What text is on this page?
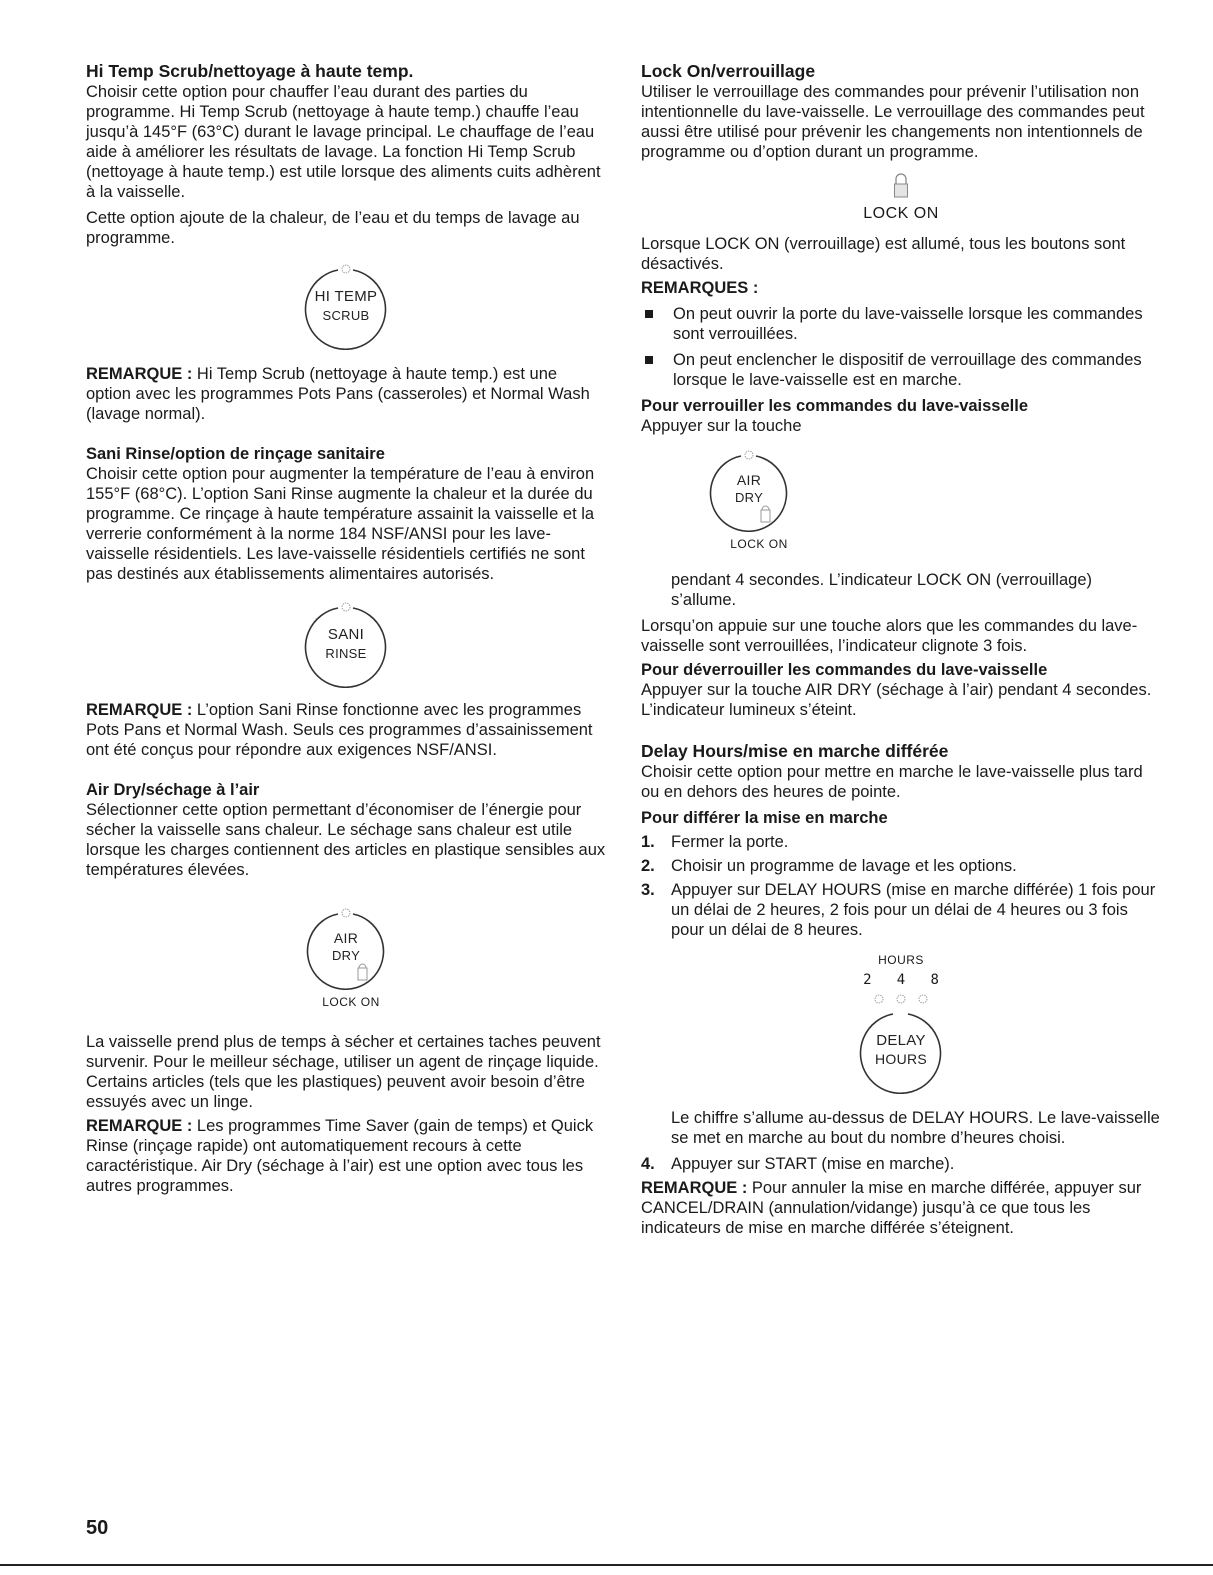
Hi Temp Scrub/nettoyage à haute temp.

Choisir cette option pour chauffer l’eau durant des parties du programme. Hi Temp Scrub (nettoyage à haute temp.) chauffe l’eau jusqu’à 145°F (63°C) durant le lavage principal. Le chauffage de l’eau aide à améliorer les résultats de lavage. La fonction Hi Temp Scrub (nettoyage à haute temp.) est utile lorsque des aliments cuits adhèrent à la vaisselle.

Cette option ajoute de la chaleur, de l’eau et du temps de lavage au programme.

HI TEMP
SCRUB

REMARQUE : Hi Temp Scrub (nettoyage à haute temp.) est une option avec les programmes Pots Pans (casseroles) et Normal Wash (lavage normal).

Sani Rinse/option de rinçage sanitaire

Choisir cette option pour augmenter la température de l’eau à environ 155°F (68°C). L’option Sani Rinse augmente la chaleur et la durée du programme. Ce rinçage à haute température assainit la vaisselle et la verrerie conformément à la norme 184 NSF/ANSI pour les lave-vaisselle résidentiels. Les lave-vaisselle résidentiels certifiés ne sont pas destinés aux établissements alimentaires autorisés.

SANI
RINSE

REMARQUE : L’option Sani Rinse fonctionne avec les programmes Pots Pans et Normal Wash. Seuls ces programmes d’assainissement ont été conçus pour répondre aux exigences NSF/ANSI.

Air Dry/séchage à l’air

Sélectionner cette option permettant d’économiser de l’énergie pour sécher la vaisselle sans chaleur. Le séchage sans chaleur est utile lorsque les charges contiennent des articles en plastique sensibles aux températures élevées.

AIR
DRY
LOCK ON

La vaisselle prend plus de temps à sécher et certaines taches peuvent survenir. Pour le meilleur séchage, utiliser un agent de rinçage liquide. Certains articles (tels que les plastiques) peuvent avoir besoin d’être essuyés avec un linge.

REMARQUE : Les programmes Time Saver (gain de temps) et Quick Rinse (rinçage rapide) ont automatiquement recours à cette caractéristique. Air Dry (séchage à l’air) est une option avec tous les autres programmes.

Lock On/verrouillage

Utiliser le verrouillage des commandes pour prévenir l’utilisation non intentionnelle du lave-vaisselle. Le verrouillage des commandes peut aussi être utilisé pour prévenir les changements non intentionnels de programme ou d’option durant un programme.

LOCK ON

Lorsque LOCK ON (verrouillage) est allumé, tous les boutons sont désactivés.

REMARQUES :
On peut ouvrir la porte du lave-vaisselle lorsque les commandes sont verrouillées.
On peut enclencher le dispositif de verrouillage des commandes lorsque le lave-vaisselle est en marche.
Pour verrouiller les commandes du lave-vaisselle

Appuyer sur la touche

AIR
DRY
LOCK ON

pendant 4 secondes. L’indicateur LOCK ON (verrouillage) s’allume.

Lorsqu’on appuie sur une touche alors que les commandes du lave-vaisselle sont verrouillées, l’indicateur clignote 3 fois.

Pour déverrouiller les commandes du lave-vaisselle

Appuyer sur la touche AIR DRY (séchage à l’air) pendant 4 secondes. L’indicateur lumineux s’éteint.

Delay Hours/mise en marche différée

Choisir cette option pour mettre en marche le lave-vaisselle plus tard ou en dehors des heures de pointe.

Pour différer la mise en marche
1. Fermer la porte.
2. Choisir un programme de lavage et les options.
3. Appuyer sur DELAY HOURS (mise en marche différée) 1 fois pour un délai de 2 heures, 2 fois pour un délai de 4 heures ou 3 fois pour un délai de 8 heures.
HOURS
2   4   8
DELAY
HOURS

Le chiffre s’allume au-dessus de DELAY HOURS. Le lave-vaisselle se met en marche au bout du nombre d’heures choisi.

4. Appuyer sur START (mise en marche).

REMARQUE : Pour annuler la mise en marche différée, appuyer sur CANCEL/DRAIN (annulation/vidange) jusqu’à ce que tous les indicateurs de mise en marche différée s’éteignent.

50
